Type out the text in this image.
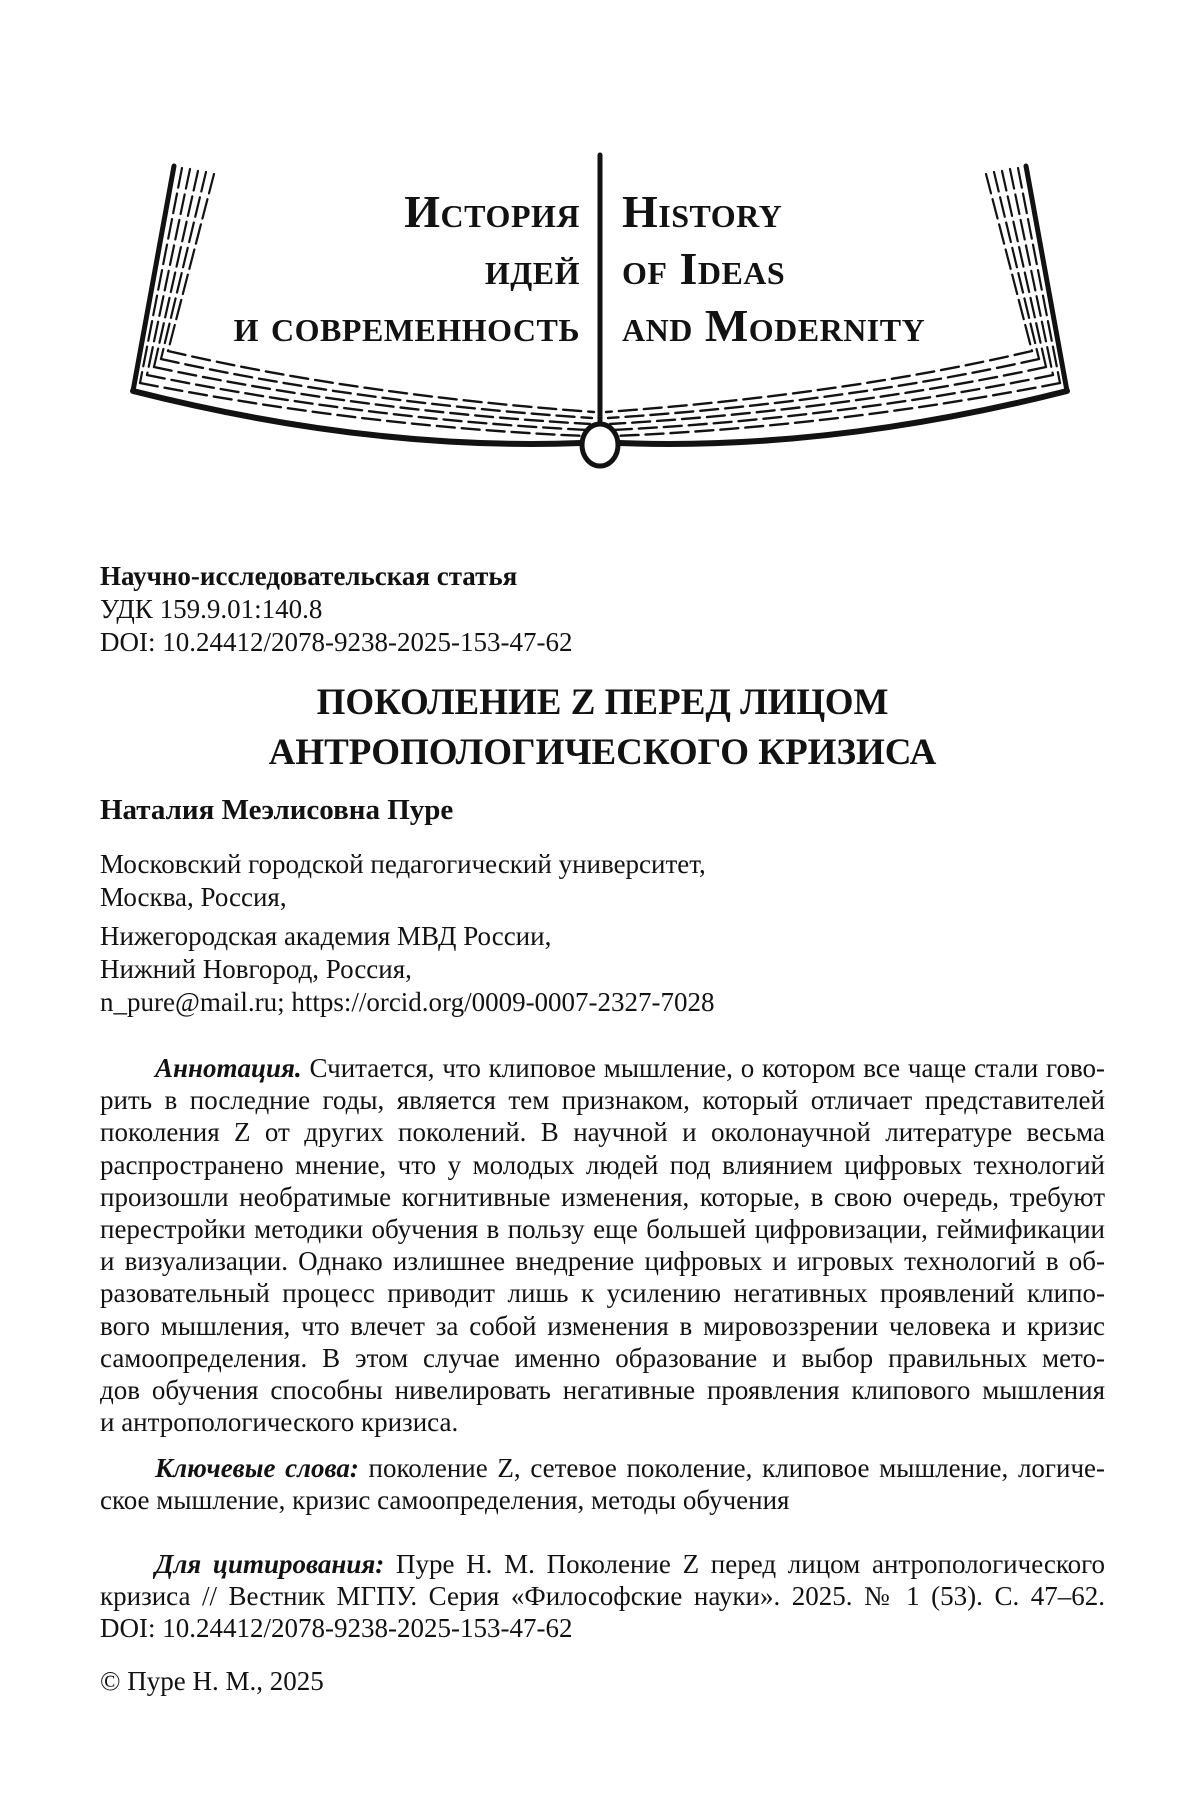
История
идей
и современность
History
of Ideas
and Modernity
Научно-исследовательская статья
УДК 159.9.01:140.8
DOI: 10.24412/2078-9238-2025-153-47-62
ПОКОЛЕНИЕ Z ПЕРЕД ЛИЦОМ
АНТРОПОЛОГИЧЕСКОГО КРИЗИСА
Наталия Меэлисовна Пуре
Московский городской педагогический университет,
Москва, Россия,
Нижегородская академия МВД России,
Нижний Новгород, Россия,
n_pure@mail.ru; https://orcid.org/0009-0007-2327-7028
Аннотация. Считается, что клиповое мышление, о котором все чаще стали гово-
рить в последние годы, является тем признаком, который отличает представителей
поколения Z от других поколений. В научной и околонаучной литературе весьма
распространено мнение, что у молодых людей под влиянием цифровых технологий
произошли необратимые когнитивные изменения, которые, в свою очередь, требуют
перестройки методики обучения в пользу еще большей цифровизации, геймификации
и визуализации. Однако излишнее внедрение цифровых и игровых технологий в об-
разовательный процесс приводит лишь к усилению негативных проявлений клипо-
вого мышления, что влечет за собой изменения в мировоззрении человека и кризис
самоопределения. В этом случае именно образование и выбор правильных мето-
дов обучения способны нивелировать негативные проявления клипового мышления
и антропологического кризиса.
Ключевые слова: поколение Z, сетевое поколение, клиповое мышление, логиче-
ское мышление, кризис самоопределения, методы обучения
Для цитирования: Пуре Н. М. Поколение Z перед лицом антропологического
кризиса // Вестник МГПУ. Серия «Философские науки». 2025. № 1 (53). С. 47–62.
DOI: 10.24412/2078-9238-2025-153-47-62
© Пуре Н. М., 2025
